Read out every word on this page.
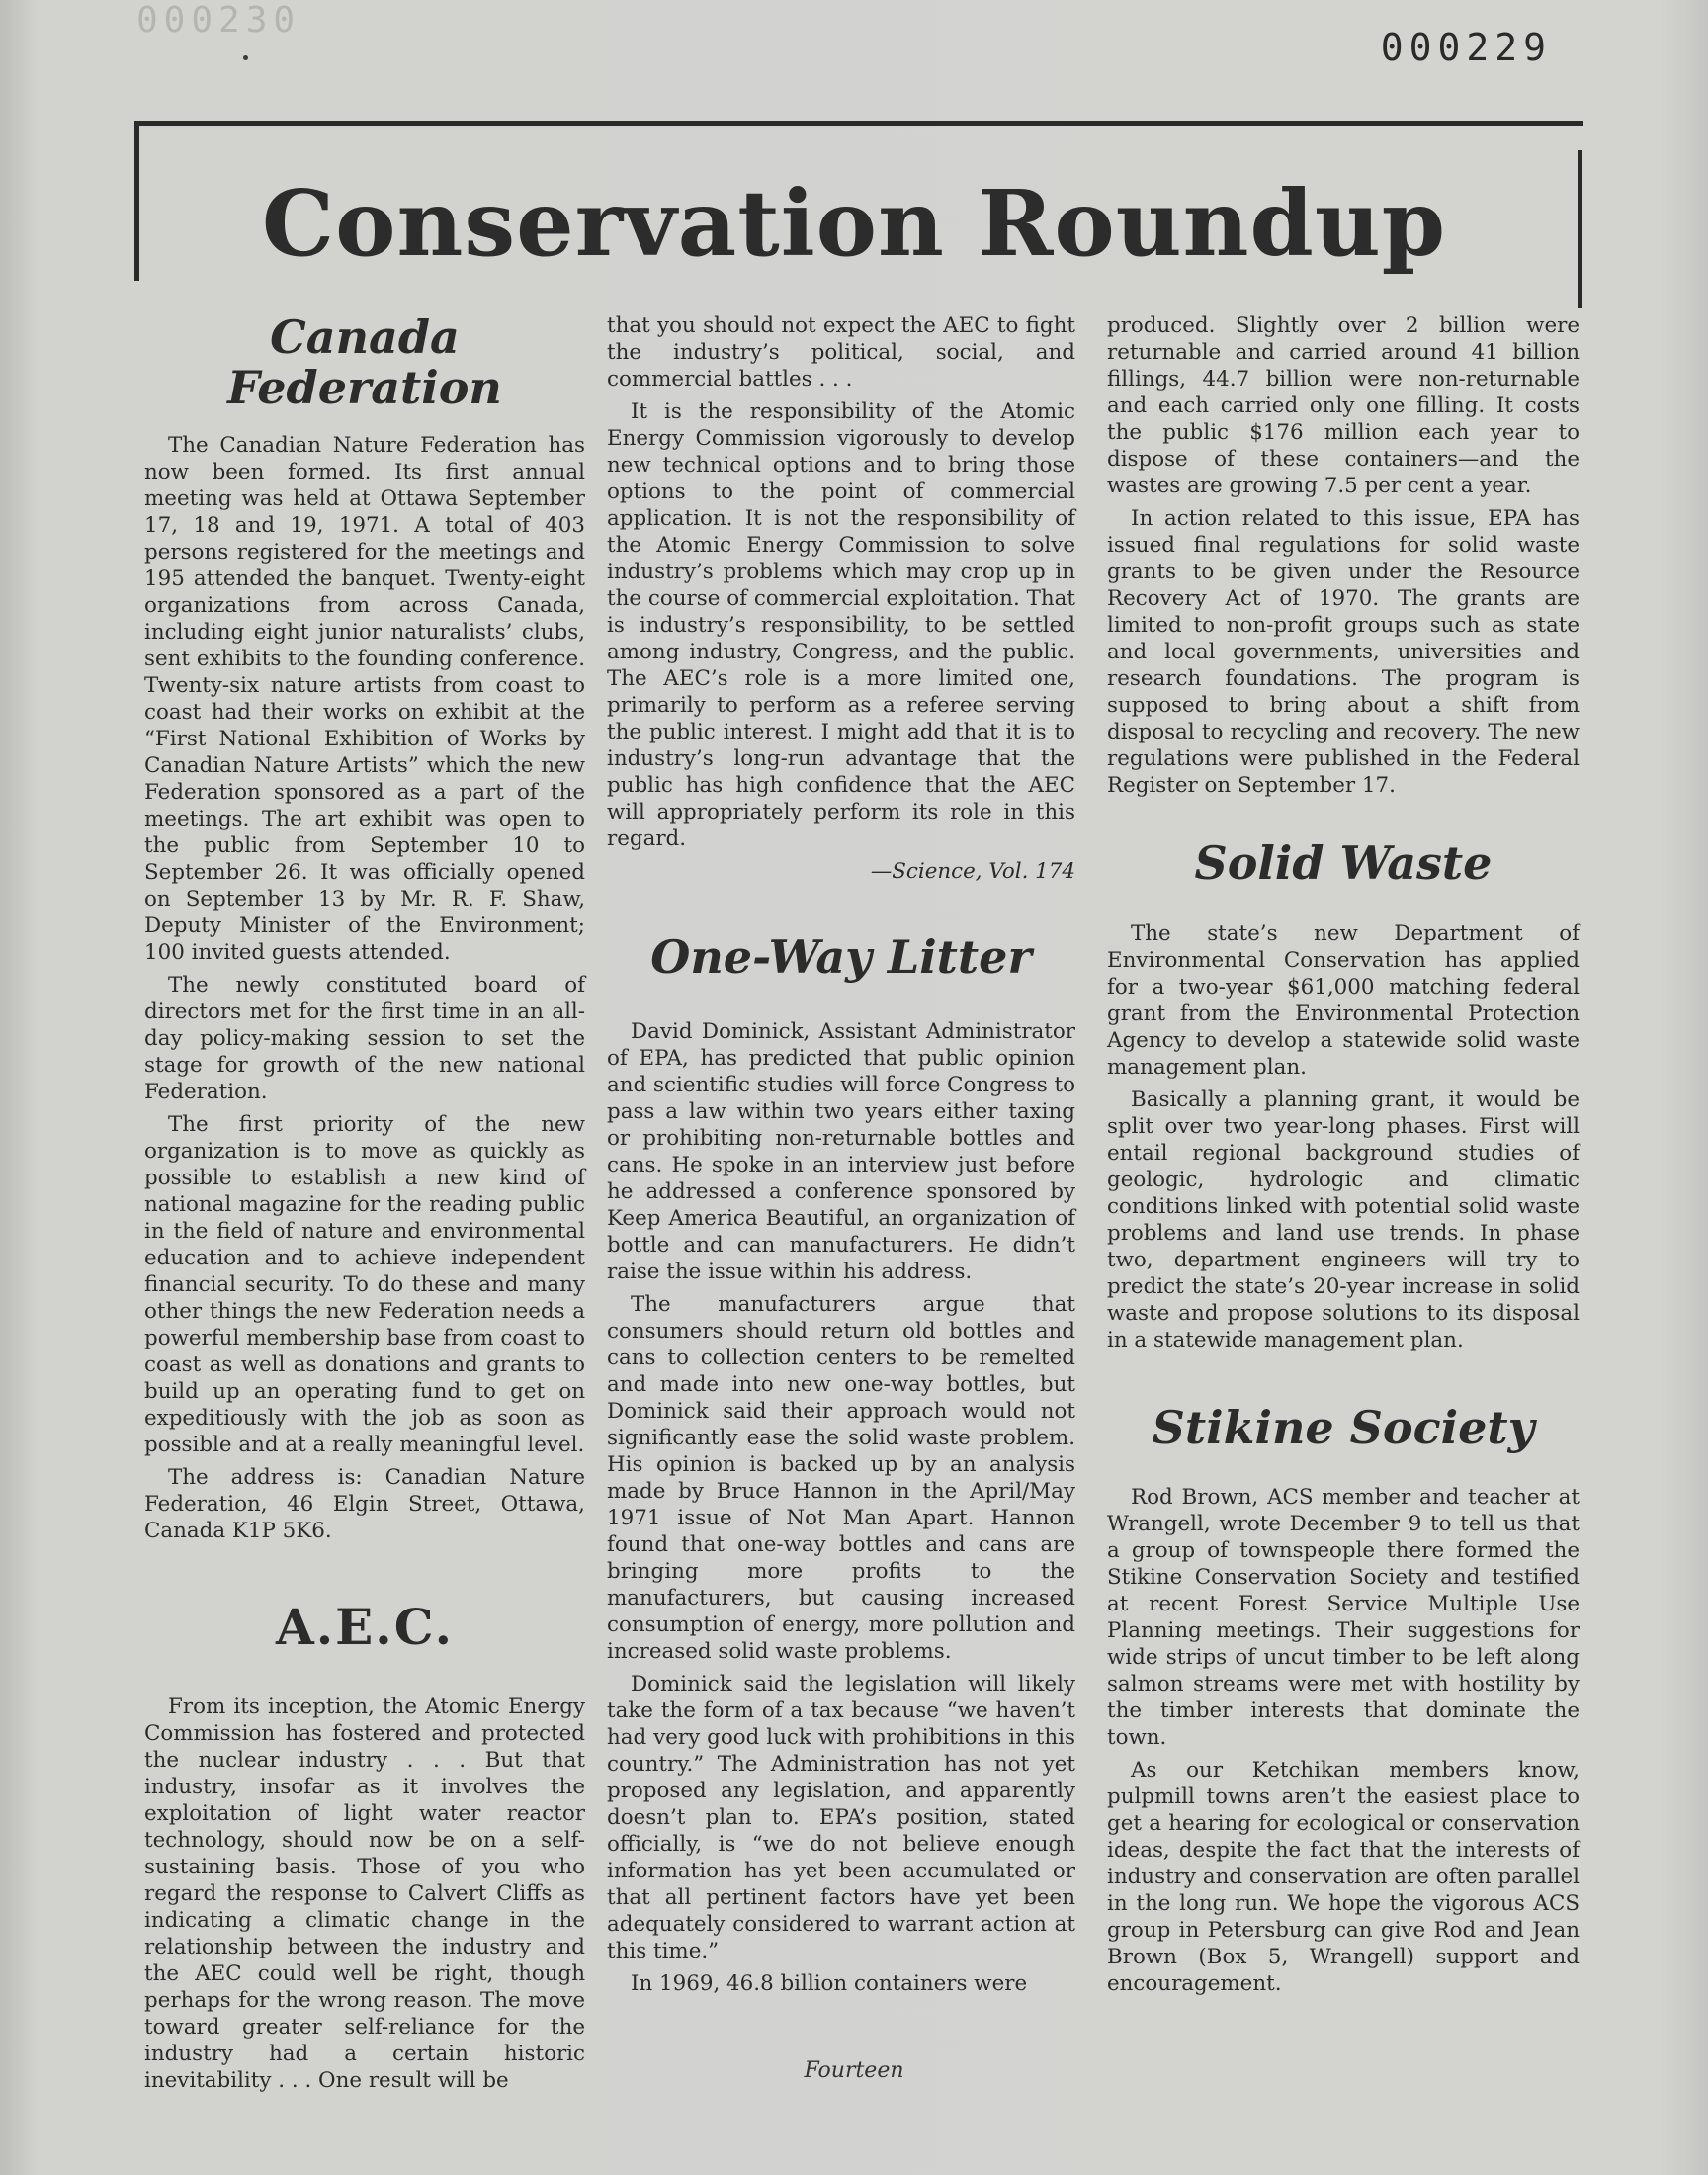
000230
000229
Conservation Roundup
Canada Federation

The Canadian Nature Federation has now been formed. Its first annual meeting was held at Ottawa September 17, 18 and 19, 1971. A total of 403 persons registered for the meetings and 195 attended the banquet. Twenty-eight organizations from across Canada, including eight junior naturalists’ clubs, sent exhibits to the founding conference. Twenty-six nature artists from coast to coast had their works on exhibit at the “First National Exhibition of Works by Canadian Nature Artists” which the new Federation sponsored as a part of the meetings. The art exhibit was open to the public from September 10 to September 26. It was officially opened on September 13 by Mr. R. F. Shaw, Deputy Minister of the Environment; 100 invited guests attended.

The newly constituted board of directors met for the first time in an all-day policy-making session to set the stage for growth of the new national Federation.

The first priority of the new organization is to move as quickly as possible to establish a new kind of national magazine for the reading public in the field of nature and environmental education and to achieve independent financial security. To do these and many other things the new Federation needs a powerful membership base from coast to coast as well as donations and grants to build up an operating fund to get on expeditiously with the job as soon as possible and at a really meaningful level.

The address is: Canadian Nature Federation, 46 Elgin Street, Ottawa, Canada K1P 5K6.

A.E.C.

From its inception, the Atomic Energy Commission has fostered and protected the nuclear industry . . . But that industry, insofar as it involves the exploitation of light water reactor technology, should now be on a self-sustaining basis. Those of you who regard the response to Calvert Cliffs as indicating a climatic change in the relationship between the industry and the AEC could well be right, though perhaps for the wrong reason. The move toward greater self-reliance for the industry had a certain historic inevitability . . . One result will be

that you should not expect the AEC to fight the industry’s political, social, and commercial battles . . .

It is the responsibility of the Atomic Energy Commission vigorously to develop new technical options and to bring those options to the point of commercial application. It is not the responsibility of the Atomic Energy Commission to solve industry’s problems which may crop up in the course of commercial exploitation. That is industry’s responsibility, to be settled among industry, Congress, and the public. The AEC’s role is a more limited one, primarily to perform as a referee serving the public interest. I might add that it is to industry’s long-run advantage that the public has high confidence that the AEC will appropriately perform its role in this regard.

—Science, Vol. 174

One-Way Litter

David Dominick, Assistant Administrator of EPA, has predicted that public opinion and scientific studies will force Congress to pass a law within two years either taxing or prohibiting non-returnable bottles and cans. He spoke in an interview just before he addressed a conference sponsored by Keep America Beautiful, an organization of bottle and can manufacturers. He didn’t raise the issue within his address.

The manufacturers argue that consumers should return old bottles and cans to collection centers to be remelted and made into new one-way bottles, but Dominick said their approach would not significantly ease the solid waste problem. His opinion is backed up by an analysis made by Bruce Hannon in the April/May 1971 issue of Not Man Apart. Hannon found that one-way bottles and cans are bringing more profits to the manufacturers, but causing increased consumption of energy, more pollution and increased solid waste problems.

Dominick said the legislation will likely take the form of a tax because “we haven’t had very good luck with prohibitions in this country.” The Administration has not yet proposed any legislation, and apparently doesn’t plan to. EPA’s position, stated officially, is “we do not believe enough information has yet been accumulated or that all pertinent factors have yet been adequately considered to warrant action at this time.”

In 1969, 46.8 billion containers were

produced. Slightly over 2 billion were returnable and carried around 41 billion fillings, 44.7 billion were non-returnable and each carried only one filling. It costs the public $176 million each year to dispose of these containers—and the wastes are growing 7.5 per cent a year.

In action related to this issue, EPA has issued final regulations for solid waste grants to be given under the Resource Recovery Act of 1970. The grants are limited to non-profit groups such as state and local governments, universities and research foundations. The program is supposed to bring about a shift from disposal to recycling and recovery. The new regulations were published in the Federal Register on September 17.

Solid Waste

The state’s new Department of Environmental Conservation has applied for a two-year $61,000 matching federal grant from the Environmental Protection Agency to develop a statewide solid waste management plan.

Basically a planning grant, it would be split over two year-long phases. First will entail regional background studies of geologic, hydrologic and climatic conditions linked with potential solid waste problems and land use trends. In phase two, department engineers will try to predict the state’s 20-year increase in solid waste and propose solutions to its disposal in a statewide management plan.

Stikine Society

Rod Brown, ACS member and teacher at Wrangell, wrote December 9 to tell us that a group of townspeople there formed the Stikine Conservation Society and testified at recent Forest Service Multiple Use Planning meetings. Their suggestions for wide strips of uncut timber to be left along salmon streams were met with hostility by the timber interests that dominate the town.

As our Ketchikan members know, pulpmill towns aren’t the easiest place to get a hearing for ecological or conservation ideas, despite the fact that the interests of industry and conservation are often parallel in the long run. We hope the vigorous ACS group in Petersburg can give Rod and Jean Brown (Box 5, Wrangell) support and encouragement.

Fourteen
